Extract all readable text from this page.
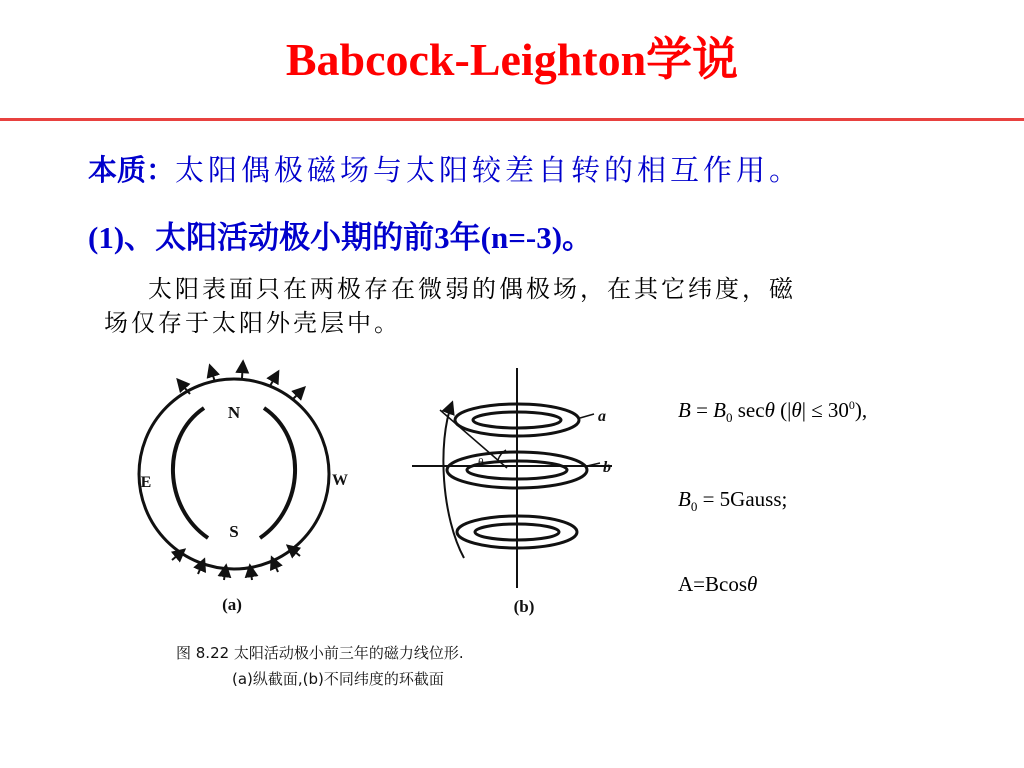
Babcock-Leighton学说
本质：太阳偶极磁场与太阳较差自转的相互作用。
(1)、太阳活动极小期的前3年(n=-3)。
太阳表面只在两极存在微弱的偶极场，在其它纬度，磁
场仅存于太阳外壳层中。
N
S
E	W
(a)	(b)
a
b
θ
图 8.22 太阳活动极小前三年的磁力线位形.
(a)纵截面,(b)不同纬度的环截面
$B = B_0$ secθ $(|\theta| \le 30^0)$,
$B_0$ = 5Gauss;
A=Bcosθ
